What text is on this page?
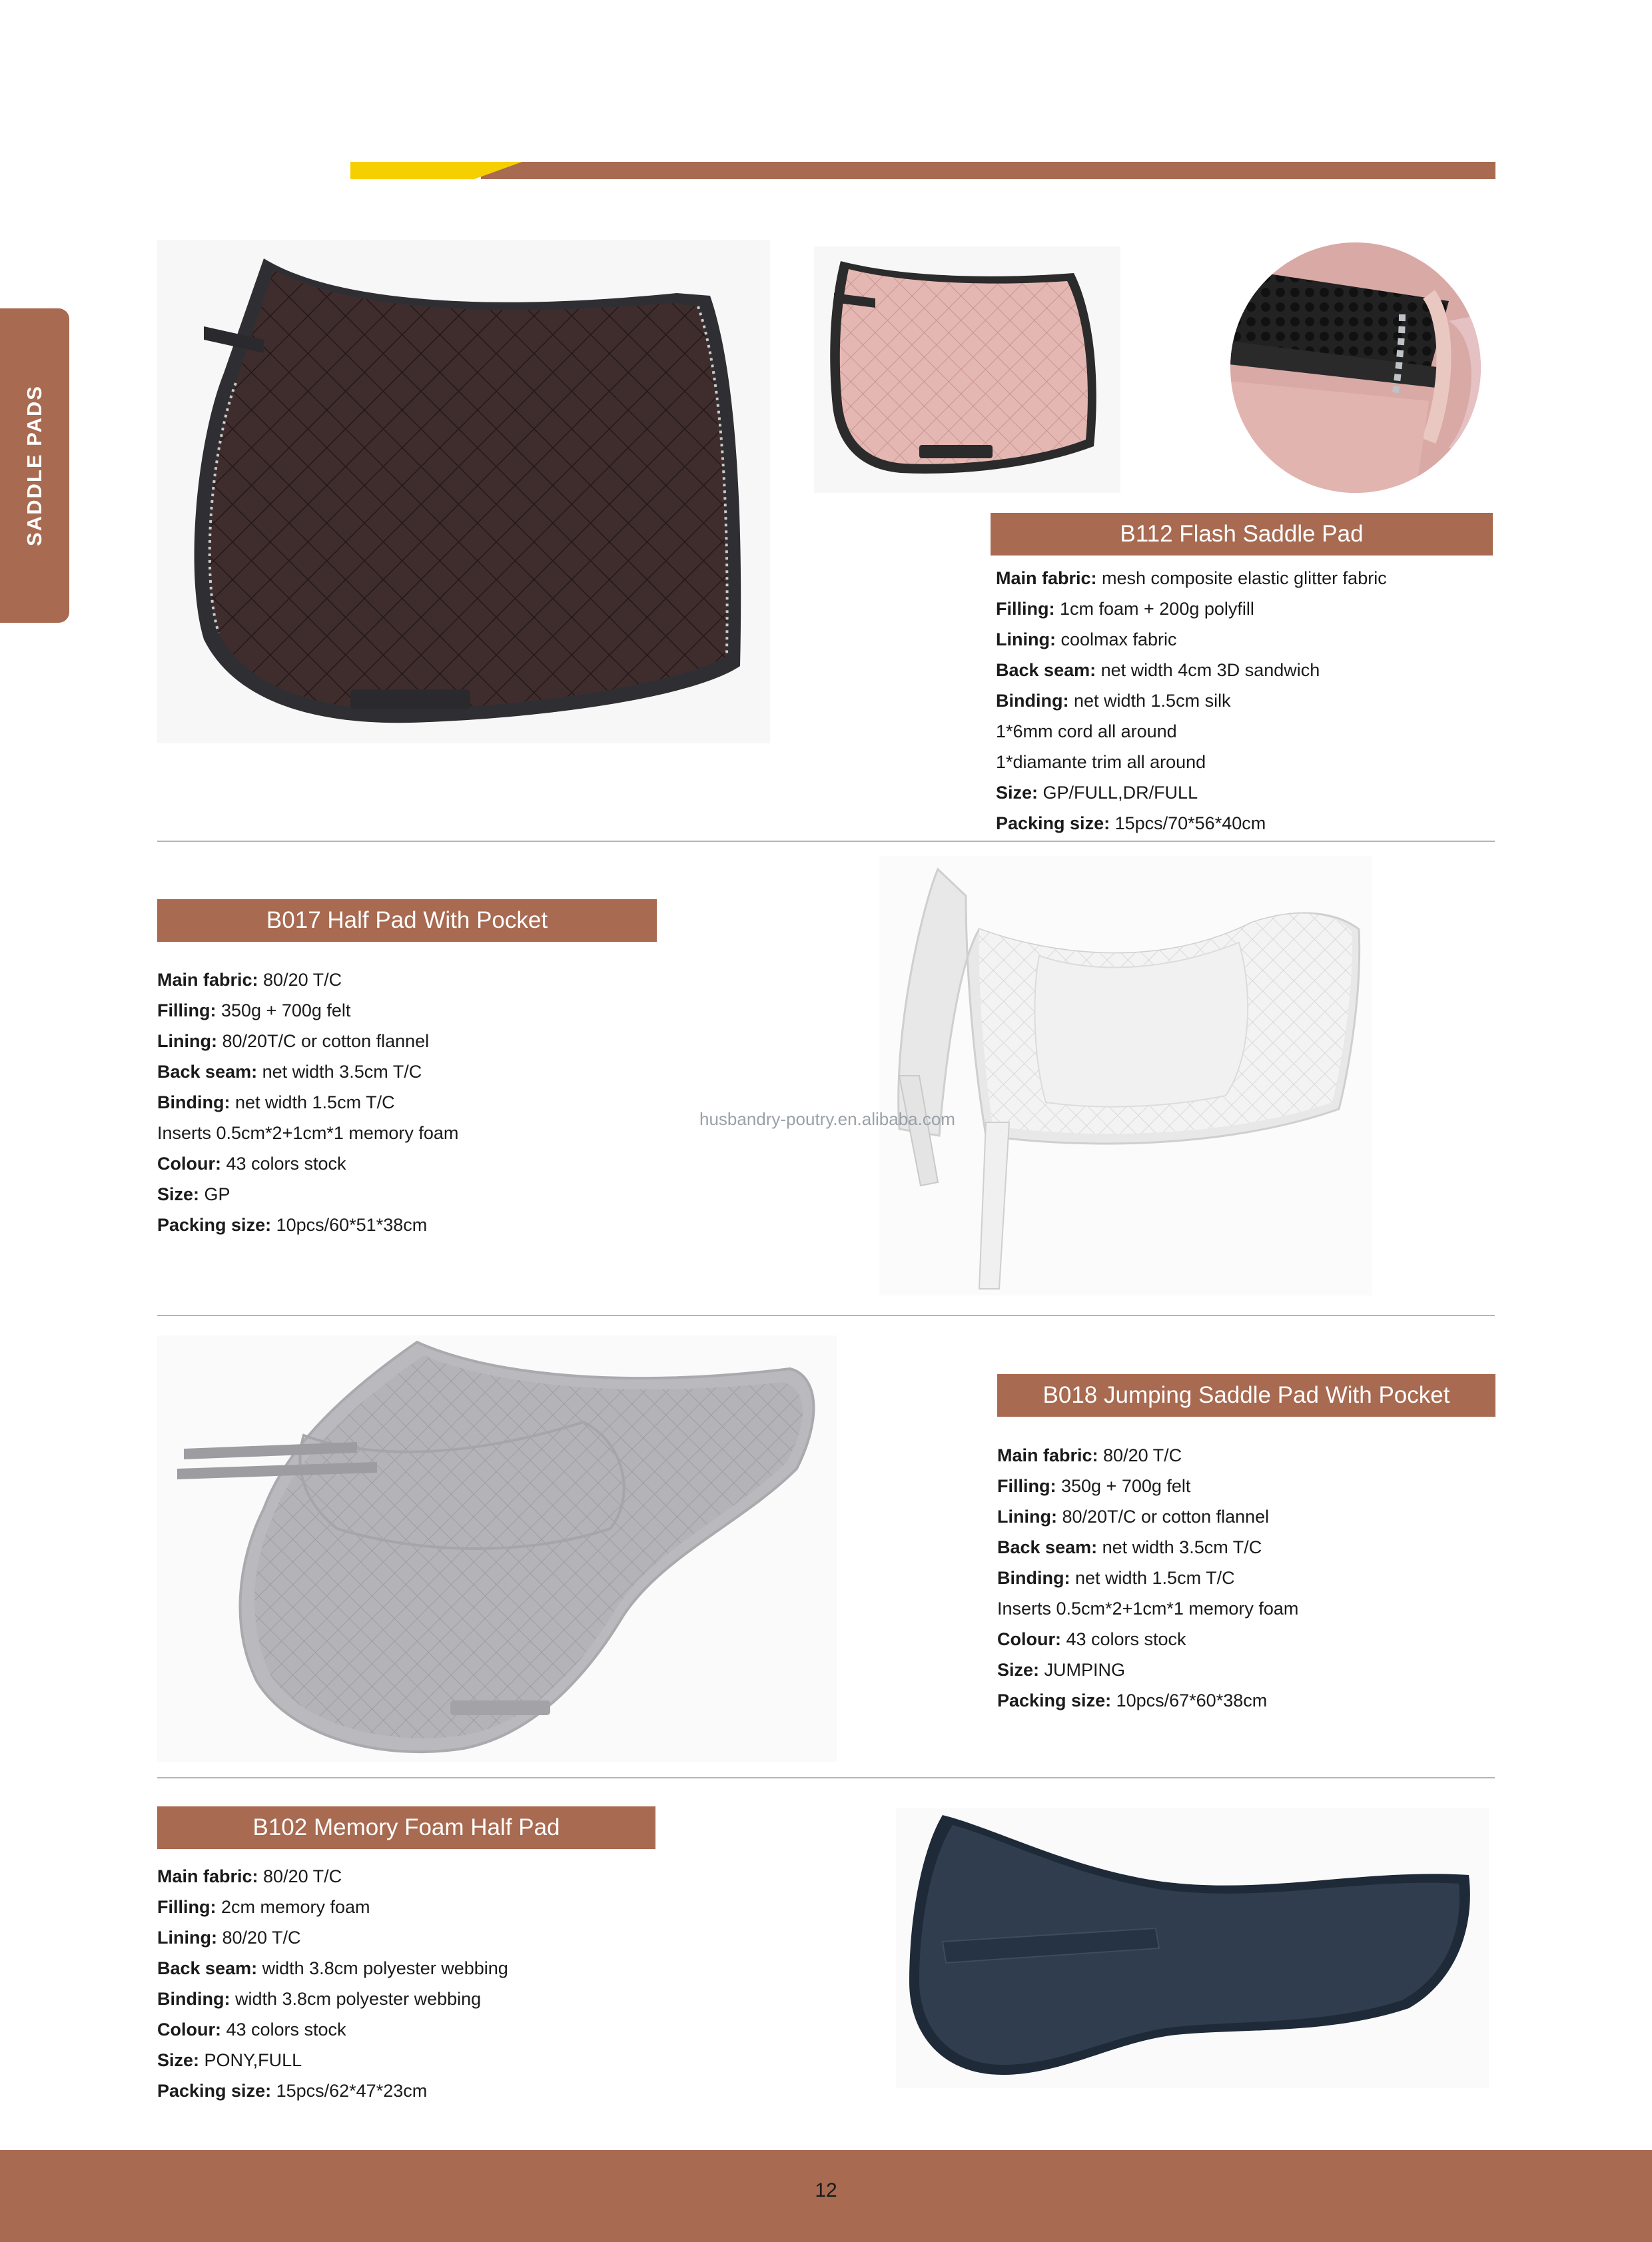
SADDLE PADS	B112 Flash Saddle Pad
Main fabric: mesh composite elastic glitter fabric
Filling: 1cm foam + 200g polyfill
Lining: coolmax fabric
Back seam: net width 4cm 3D sandwich
Binding: net width 1.5cm silk
1*6mm cord all around
1*diamante trim all around
Size: GP/FULL,DR/FULL
Packing size: 15pcs/70*56*40cm
B017 Half Pad With Pocket
Main fabric: 80/20 T/C
Filling: 350g + 700g felt
Lining: 80/20T/C or cotton flannel
Back seam: net width 3.5cm T/C
Binding: net width 1.5cm T/C
Inserts 0.5cm*2+1cm*1 memory foam
Colour: 43 colors stock
Size: GP
Packing size: 10pcs/60*51*38cm
husbandry-poutry.en.alibaba.com
B018 Jumping Saddle Pad With Pocket
Main fabric: 80/20 T/C
Filling: 350g + 700g felt
Lining: 80/20T/C or cotton flannel
Back seam: net width 3.5cm T/C
Binding: net width 1.5cm T/C
Inserts 0.5cm*2+1cm*1 memory foam
Colour: 43 colors stock
Size: JUMPING
Packing size: 10pcs/67*60*38cm
B102 Memory Foam Half Pad
Main fabric: 80/20 T/C
Filling: 2cm memory foam
Lining: 80/20 T/C
Back seam: width 3.8cm polyester webbing
Binding: width 3.8cm polyester webbing
Colour: 43 colors stock
Size: PONY,FULL
Packing size: 15pcs/62*47*23cm
12
